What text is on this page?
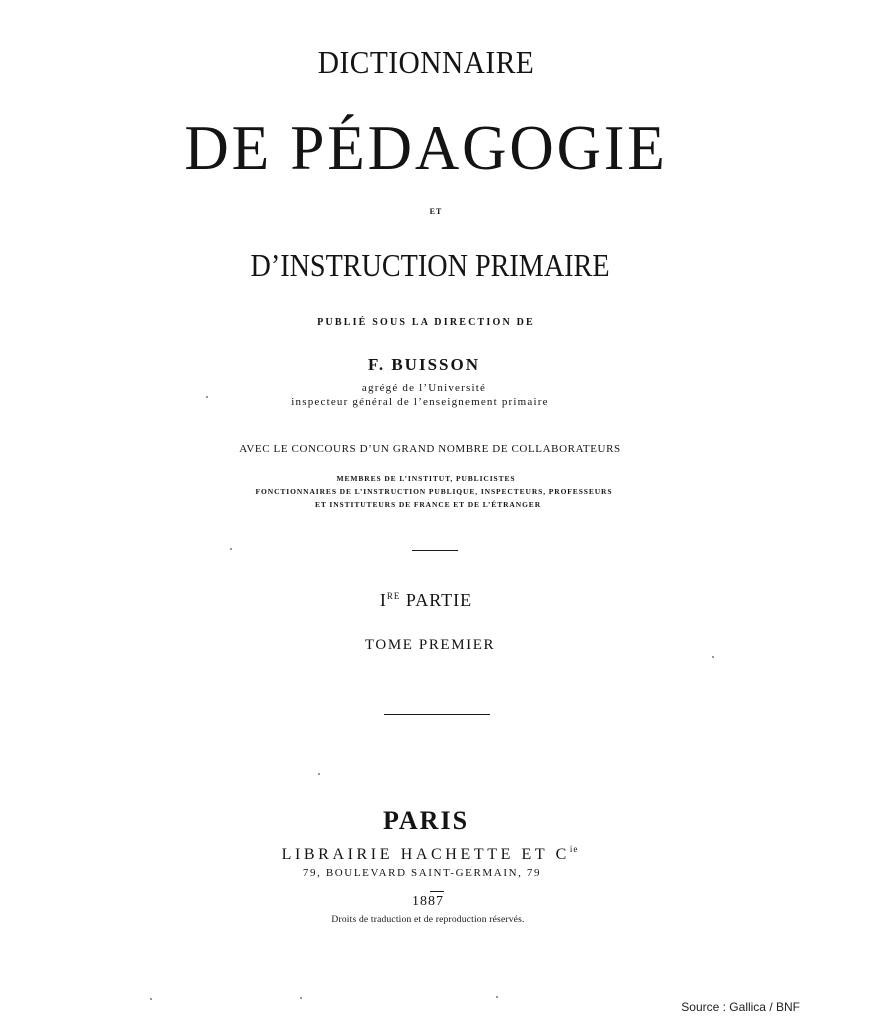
DICTIONNAIRE
DE PÉDAGOGIE
ET
D’INSTRUCTION PRIMAIRE
PUBLIÉ SOUS LA DIRECTION DE
F. BUISSON
agrégé de l’Université
inspecteur général de l’enseignement primaire
AVEC LE CONCOURS D’UN GRAND NOMBRE DE COLLABORATEURS
MEMBRES DE L’INSTITUT, PUBLICISTES
FONCTIONNAIRES DE L’INSTRUCTION PUBLIQUE, INSPECTEURS, PROFESSEURS
ET INSTITUTEURS DE FRANCE ET DE L’ÉTRANGER
IRE PARTIE
TOME PREMIER
PARIS
LIBRAIRIE HACHETTE ET $C^{ie}$
79, BOULEVARD SAINT-GERMAIN, 79
1887
Droits de traduction et de reproduction réservés.
Source : Gallica / BNF
